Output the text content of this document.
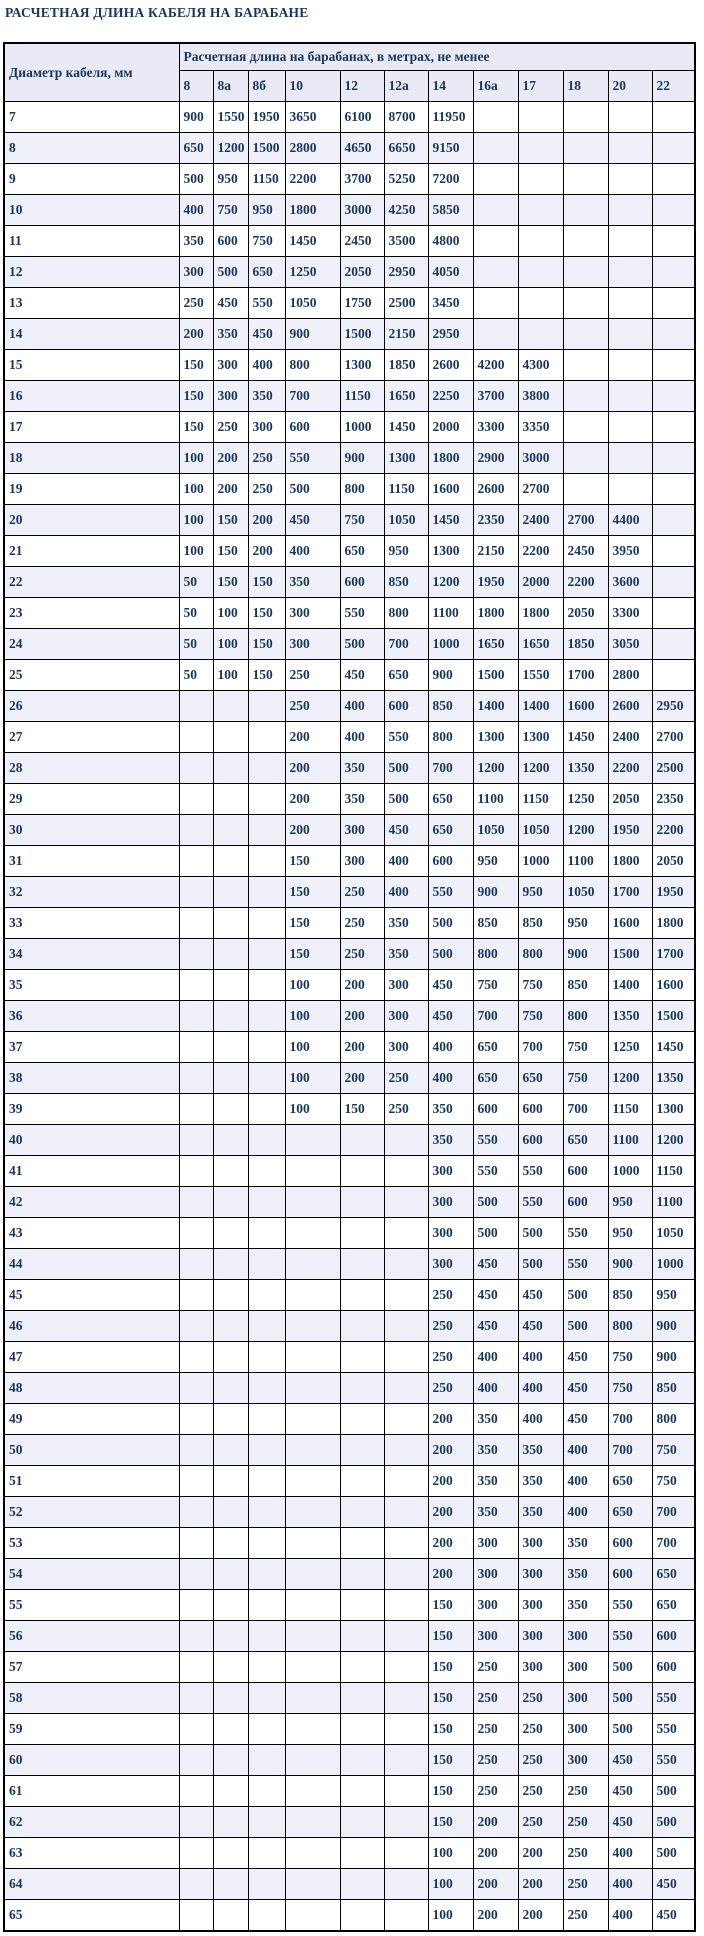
РАСЧЕТНАЯ ДЛИНА КАБЕЛЯ НА БАРАБАНЕ
Диаметр кабеля, мм	Расчетная длина на барабанах, в метрах, не менее											
	8	8а	8б	10	12	12а	14	16а	17	18	20	22
7	900	1550	1950	3650	6100	8700	11950					
8	650	1200	1500	2800	4650	6650	9150					
9	500	950	1150	2200	3700	5250	7200					
10	400	750	950	1800	3000	4250	5850					
11	350	600	750	1450	2450	3500	4800					
12	300	500	650	1250	2050	2950	4050					
13	250	450	550	1050	1750	2500	3450					
14	200	350	450	900	1500	2150	2950					
15	150	300	400	800	1300	1850	2600	4200	4300			
16	150	300	350	700	1150	1650	2250	3700	3800			
17	150	250	300	600	1000	1450	2000	3300	3350			
18	100	200	250	550	900	1300	1800	2900	3000			
19	100	200	250	500	800	1150	1600	2600	2700			
20	100	150	200	450	750	1050	1450	2350	2400	2700	4400	
21	100	150	200	400	650	950	1300	2150	2200	2450	3950	
22	50	150	150	350	600	850	1200	1950	2000	2200	3600	
23	50	100	150	300	550	800	1100	1800	1800	2050	3300	
24	50	100	150	300	500	700	1000	1650	1650	1850	3050	
25	50	100	150	250	450	650	900	1500	1550	1700	2800	
26				250	400	600	850	1400	1400	1600	2600	2950
27				200	400	550	800	1300	1300	1450	2400	2700
28				200	350	500	700	1200	1200	1350	2200	2500
29				200	350	500	650	1100	1150	1250	2050	2350
30				200	300	450	650	1050	1050	1200	1950	2200
31				150	300	400	600	950	1000	1100	1800	2050
32				150	250	400	550	900	950	1050	1700	1950
33				150	250	350	500	850	850	950	1600	1800
34				150	250	350	500	800	800	900	1500	1700
35				100	200	300	450	750	750	850	1400	1600
36				100	200	300	450	700	750	800	1350	1500
37				100	200	300	400	650	700	750	1250	1450
38				100	200	250	400	650	650	750	1200	1350
39				100	150	250	350	600	600	700	1150	1300
40							350	550	600	650	1100	1200
41							300	550	550	600	1000	1150
42							300	500	550	600	950	1100
43							300	500	500	550	950	1050
44							300	450	500	550	900	1000
45							250	450	450	500	850	950
46							250	450	450	500	800	900
47							250	400	400	450	750	900
48							250	400	400	450	750	850
49							200	350	400	450	700	800
50							200	350	350	400	700	750
51							200	350	350	400	650	750
52							200	350	350	400	650	700
53							200	300	300	350	600	700
54							200	300	300	350	600	650
55							150	300	300	350	550	650
56							150	300	300	300	550	600
57							150	250	300	300	500	600
58							150	250	250	300	500	550
59							150	250	250	300	500	550
60							150	250	250	300	450	550
61							150	250	250	250	450	500
62							150	200	250	250	450	500
63							100	200	200	250	400	500
64							100	200	200	250	400	450
65							100	200	200	250	400	450
